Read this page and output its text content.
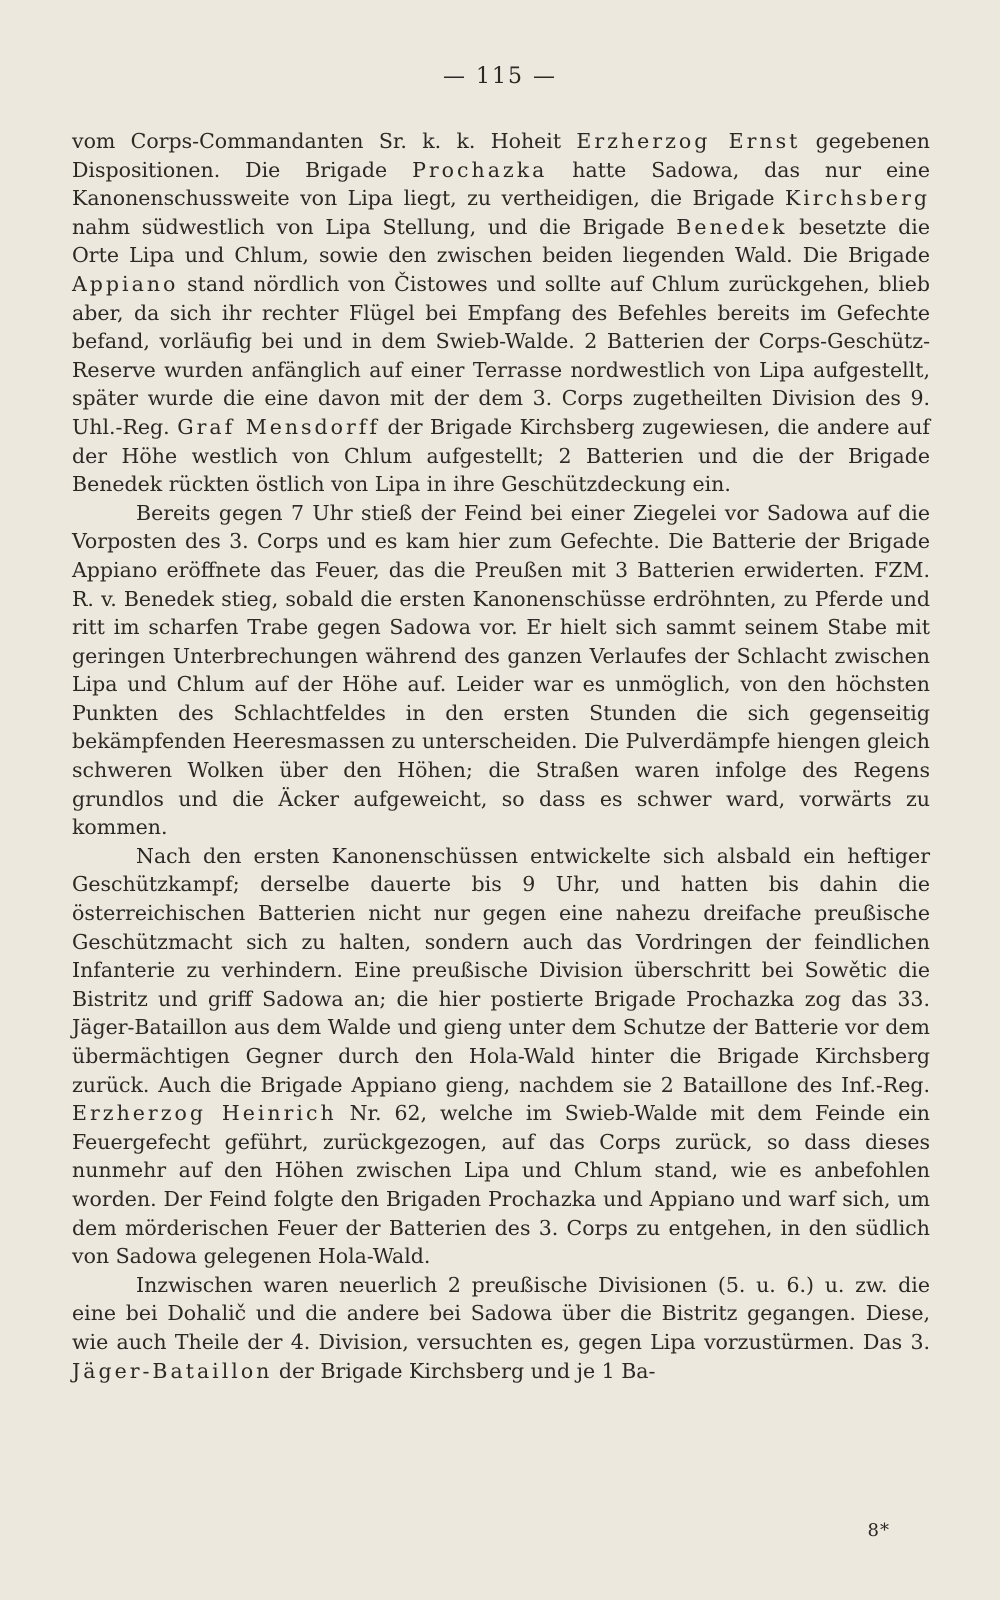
— 115 —

vom Corps-Commandanten Sr. k. k. Hoheit Erzherzog Ernst gegebenen Dispositionen. Die Brigade Prochazka hatte Sadowa, das nur eine Kanonenschussweite von Lipa liegt, zu vertheidigen, die Brigade Kirchsberg nahm südwestlich von Lipa Stellung, und die Brigade Benedek besetzte die Orte Lipa und Chlum, sowie den zwischen beiden liegenden Wald. Die Brigade Appiano stand nördlich von Čistowes und sollte auf Chlum zurückgehen, blieb aber, da sich ihr rechter Flügel bei Empfang des Befehles bereits im Gefechte befand, vorläufig bei und in dem Swieb-Walde. 2 Batterien der Corps-Geschütz-Reserve wurden anfänglich auf einer Terrasse nordwestlich von Lipa aufgestellt, später wurde die eine davon mit der dem 3. Corps zugetheilten Division des 9. Uhl.-Reg. Graf Mensdorff der Brigade Kirchsberg zugewiesen, die andere auf der Höhe westlich von Chlum aufgestellt; 2 Batterien und die der Brigade Benedek rückten östlich von Lipa in ihre Geschützdeckung ein.

Bereits gegen 7 Uhr stieß der Feind bei einer Ziegelei vor Sadowa auf die Vorposten des 3. Corps und es kam hier zum Gefechte. Die Batterie der Brigade Appiano eröffnete das Feuer, das die Preußen mit 3 Batterien erwiderten. FZM. R. v. Benedek stieg, sobald die ersten Kanonenschüsse erdröhnten, zu Pferde und ritt im scharfen Trabe gegen Sadowa vor. Er hielt sich sammt seinem Stabe mit geringen Unterbrechungen während des ganzen Verlaufes der Schlacht zwischen Lipa und Chlum auf der Höhe auf. Leider war es unmöglich, von den höchsten Punkten des Schlachtfeldes in den ersten Stunden die sich gegenseitig bekämpfenden Heeresmassen zu unterscheiden. Die Pulverdämpfe hiengen gleich schweren Wolken über den Höhen; die Straßen waren infolge des Regens grundlos und die Äcker aufgeweicht, so dass es schwer ward, vorwärts zu kommen.

Nach den ersten Kanonenschüssen entwickelte sich alsbald ein heftiger Geschützkampf; derselbe dauerte bis 9 Uhr, und hatten bis dahin die österreichischen Batterien nicht nur gegen eine nahezu dreifache preußische Geschützmacht sich zu halten, sondern auch das Vordringen der feindlichen Infanterie zu verhindern. Eine preußische Division überschritt bei Sowětic die Bistritz und griff Sadowa an; die hier postierte Brigade Prochazka zog das 33. Jäger-Bataillon aus dem Walde und gieng unter dem Schutze der Batterie vor dem übermächtigen Gegner durch den Hola-Wald hinter die Brigade Kirchsberg zurück. Auch die Brigade Appiano gieng, nachdem sie 2 Bataillone des Inf.-Reg. Erzherzog Heinrich Nr. 62, welche im Swieb-Walde mit dem Feinde ein Feuergefecht geführt, zurückgezogen, auf das Corps zurück, so dass dieses nunmehr auf den Höhen zwischen Lipa und Chlum stand, wie es anbefohlen worden. Der Feind folgte den Brigaden Prochazka und Appiano und warf sich, um dem mörderischen Feuer der Batterien des 3. Corps zu entgehen, in den südlich von Sadowa gelegenen Hola-Wald.

Inzwischen waren neuerlich 2 preußische Divisionen (5. u. 6.) u. zw. die eine bei Dohalič und die andere bei Sadowa über die Bistritz gegangen. Diese, wie auch Theile der 4. Division, versuchten es, gegen Lipa vorzustürmen. Das 3. Jäger-Bataillon der Brigade Kirchsberg und je 1 Ba-

8*
